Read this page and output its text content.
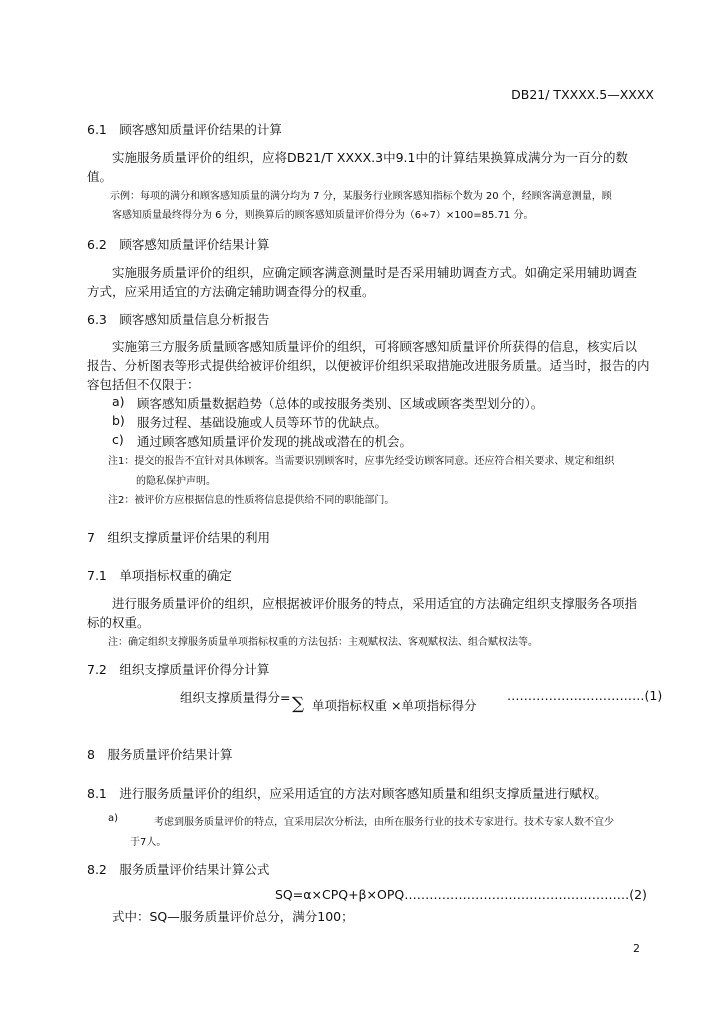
DB21/ TXXXX.5—XXXX
6.1　顾客感知质量评价结果的计算
实施服务质量评价的组织，应将DB21/T XXXX.3中9.1中的计算结果换算成满分为一百分的数
值。
示例：每项的满分和顾客感知质量的满分均为 7 分，某服务行业顾客感知指标个数为 20 个，经顾客满意测量，顾
客感知质量最终得分为 6 分，则换算后的顾客感知质量评价得分为（6÷7）×100=85.71 分。
6.2　顾客感知质量评价结果计算
实施服务质量评价的组织，应确定顾客满意测量时是否采用辅助调查方式。如确定采用辅助调查
方式，应采用适宜的方法确定辅助调查得分的权重。
6.3　顾客感知质量信息分析报告
实施第三方服务质量顾客感知质量评价的组织，可将顾客感知质量评价所获得的信息，核实后以
报告、分析图表等形式提供给被评价组织，以便被评价组织采取措施改进服务质量。适当时，报告的内
容包括但不仅限于：
a) 顾客感知质量数据趋势（总体的或按服务类别、区域或顾客类型划分的）。
b) 服务过程、基础设施或人员等环节的优缺点。
c) 通过顾客感知质量评价发现的挑战或潜在的机会。
注1：提交的报告不宜针对具体顾客。当需要识别顾客时，应事先经受访顾客同意。还应符合相关要求、规定和组织
的隐私保护声明。
注2：被评价方应根据信息的性质将信息提供给不同的职能部门。
7　组织支撑质量评价结果的利用
7.1　单项指标权重的确定
进行服务质量评价的组织，应根据被评价服务的特点，采用适宜的方法确定组织支撑服务各项指
标的权重。
注：确定组织支撑服务质量单项指标权重的方法包括：主观赋权法、客观赋权法、组合赋权法等。
7.2　组织支撑质量评价得分计算
组织支撑质量得分= ∑ 单项指标权重 ×单项指标得分
……………………………(1)
8　服务质量评价结果计算
8.1　进行服务质量评价的组织，应采用适宜的方法对顾客感知质量和组织支撑质量进行赋权。
a)	考虑到服务质量评价的特点，宜采用层次分析法，由所在服务行业的技术专家进行。技术专家人数不宜少
于7人。
8.2　服务质量评价结果计算公式
SQ=α×CPQ+β×OPQ………………………………………………(2)
式中：SQ—服务质量评价总分，满分100；
2
